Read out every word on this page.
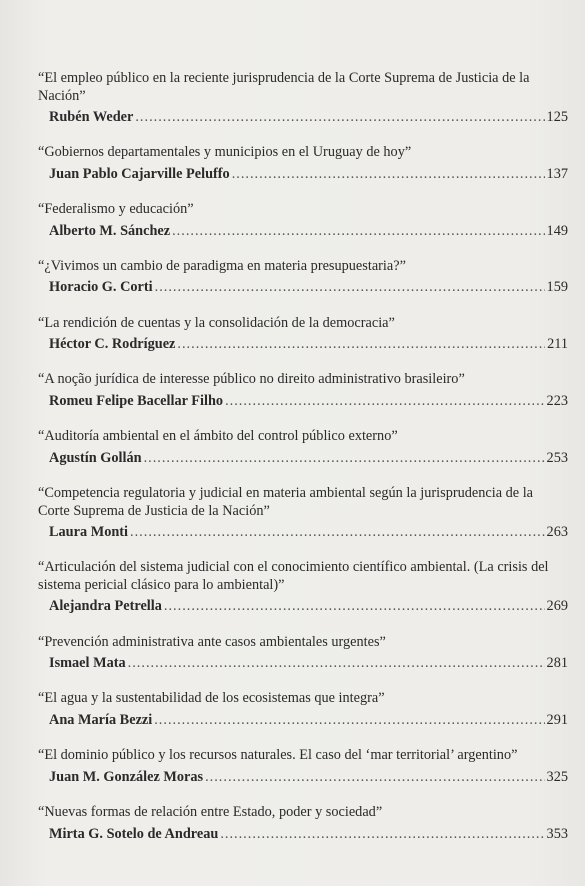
“El empleo público en la reciente jurisprudencia de la Corte Suprema de Justicia de la Nación”
Rubén Weder .....	125
“Gobiernos departamentales y municipios en el Uruguay de hoy”
Juan Pablo Cajarville Peluffo .....	137
“Federalismo y educación”
Alberto M. Sánchez .....	149
“¿Vivimos un cambio de paradigma en materia presupuestaria?”
Horacio G. Corti .....	159
“La rendición de cuentas y la consolidación de la democracia”
Héctor C. Rodríguez .....	211
“A noção jurídica de interesse público no direito administrativo brasileiro”
Romeu Felipe Bacellar Filho .....	223
“Auditoría ambiental en el ámbito del control público externo”
Agustín Gollán .....	253
“Competencia regulatoria y judicial en materia ambiental según la jurisprudencia de la Corte Suprema de Justicia de la Nación”
Laura Monti .....	263
“Articulación del sistema judicial con el conocimiento científico ambiental. (La crisis del sistema pericial clásico para lo ambiental)”
Alejandra Petrella .....	269
“Prevención administrativa ante casos ambientales urgentes”
Ismael Mata .....	281
“El agua y la sustentabilidad de los ecosistemas que integra”
Ana María Bezzi .....	291
“El dominio público y los recursos naturales. El caso del ‘mar territorial’ argentino”
Juan M. González Moras .....	325
“Nuevas formas de relación entre Estado, poder y sociedad”
Mirta G. Sotelo de Andreau .....	353
